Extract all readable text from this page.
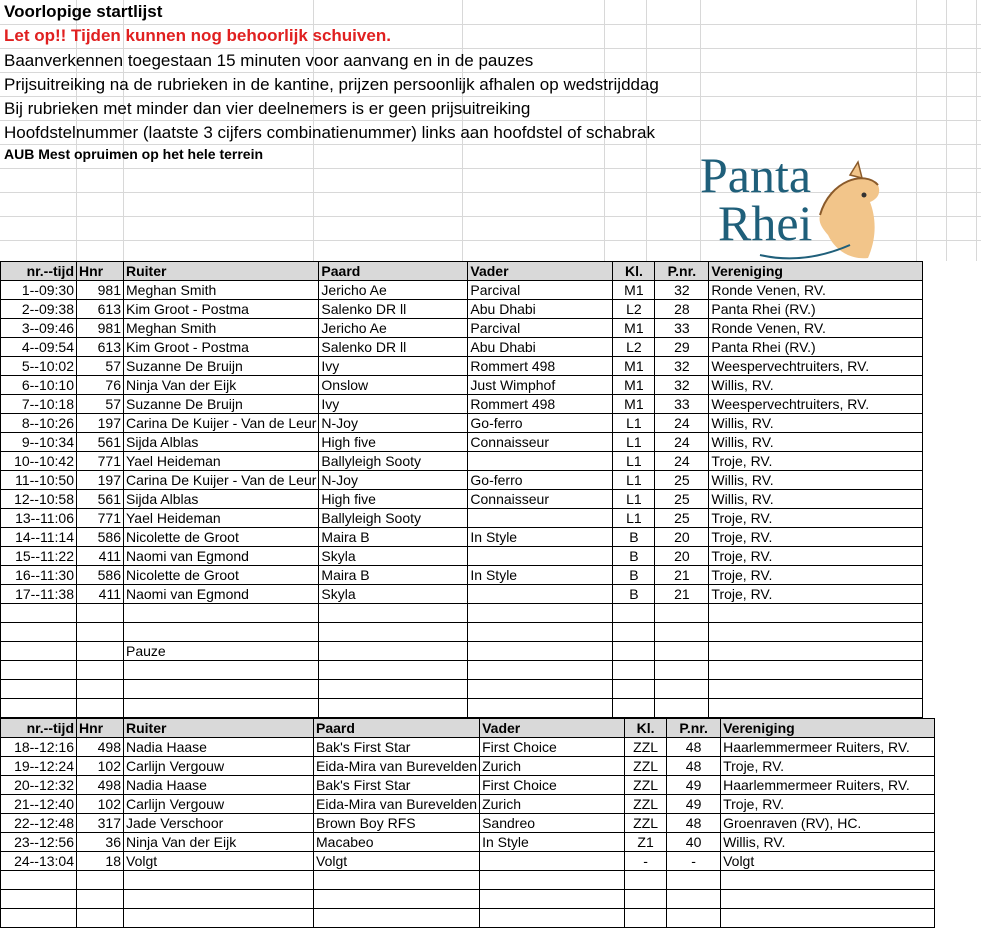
Voorlopige startlijst
Let op!! Tijden kunnen nog behoorlijk schuiven.
Baanverkennen toegestaan 15 minuten voor aanvang en in de pauzes
Prijsuitreiking na de rubrieken in de kantine, prijzen persoonlijk afhalen op wedstrijddag
Bij rubrieken met minder dan vier deelnemers is er geen prijsuitreiking
Hoofdstelnummer (laatste 3 cijfers combinatienummer) links aan hoofdstel of schabrak
AUB Mest opruimen op het hele terrein	Panta
Rhei
nr.--tijd	Hnr	Ruiter	Paard	Vader	Kl.	P.nr.	Vereniging
1--09:30	981	Meghan Smith	Jericho Ae	Parcival	M1	32	Ronde Venen, RV.
2--09:38	613	Kim Groot - Postma	Salenko DR ll	Abu Dhabi	L2	28	Panta Rhei (RV.)
3--09:46	981	Meghan Smith	Jericho Ae	Parcival	M1	33	Ronde Venen, RV.
4--09:54	613	Kim Groot - Postma	Salenko DR ll	Abu Dhabi	L2	29	Panta Rhei (RV.)
5--10:02	57	Suzanne De Bruijn	Ivy	Rommert 498	M1	32	Weespervechtruiters, RV.
6--10:10	76	Ninja Van der Eijk	Onslow	Just Wimphof	M1	32	Willis, RV.
7--10:18	57	Suzanne De Bruijn	Ivy	Rommert 498	M1	33	Weespervechtruiters, RV.
8--10:26	197	Carina De Kuijer - Van de Leur	N-Joy	Go-ferro	L1	24	Willis, RV.
9--10:34	561	Sijda Alblas	High five	Connaisseur	L1	24	Willis, RV.
10--10:42	771	Yael Heideman	Ballyleigh Sooty		L1	24	Troje, RV.
11--10:50	197	Carina De Kuijer - Van de Leur	N-Joy	Go-ferro	L1	25	Willis, RV.
12--10:58	561	Sijda Alblas	High five	Connaisseur	L1	25	Willis, RV.
13--11:06	771	Yael Heideman	Ballyleigh Sooty		L1	25	Troje, RV.
14--11:14	586	Nicolette de Groot	Maira B	In Style	B	20	Troje, RV.
15--11:22	411	Naomi van Egmond	Skyla		B	20	Troje, RV.
16--11:30	586	Nicolette de Groot	Maira B	In Style	B	21	Troje, RV.
17--11:38	411	Naomi van Egmond	Skyla		B	21	Troje, RV.

		Pauze					

nr.--tijd	Hnr	Ruiter	Paard	Vader	Kl.	P.nr.	Vereniging
18--12:16	498	Nadia Haase	Bak's First Star	First Choice	ZZL	48	Haarlemmermeer Ruiters, RV.
19--12:24	102	Carlijn Vergouw	Eida-Mira van Burevelden	Zurich	ZZL	48	Troje, RV.
20--12:32	498	Nadia Haase	Bak's First Star	First Choice	ZZL	49	Haarlemmermeer Ruiters, RV.
21--12:40	102	Carlijn Vergouw	Eida-Mira van Burevelden	Zurich	ZZL	49	Troje, RV.
22--12:48	317	Jade Verschoor	Brown Boy RFS	Sandreo	ZZL	48	Groenraven (RV), HC.
23--12:56	36	Ninja Van der Eijk	Macabeo	In Style	Z1	40	Willis, RV.
24--13:04	18	Volgt	Volgt		-	-	Volgt
